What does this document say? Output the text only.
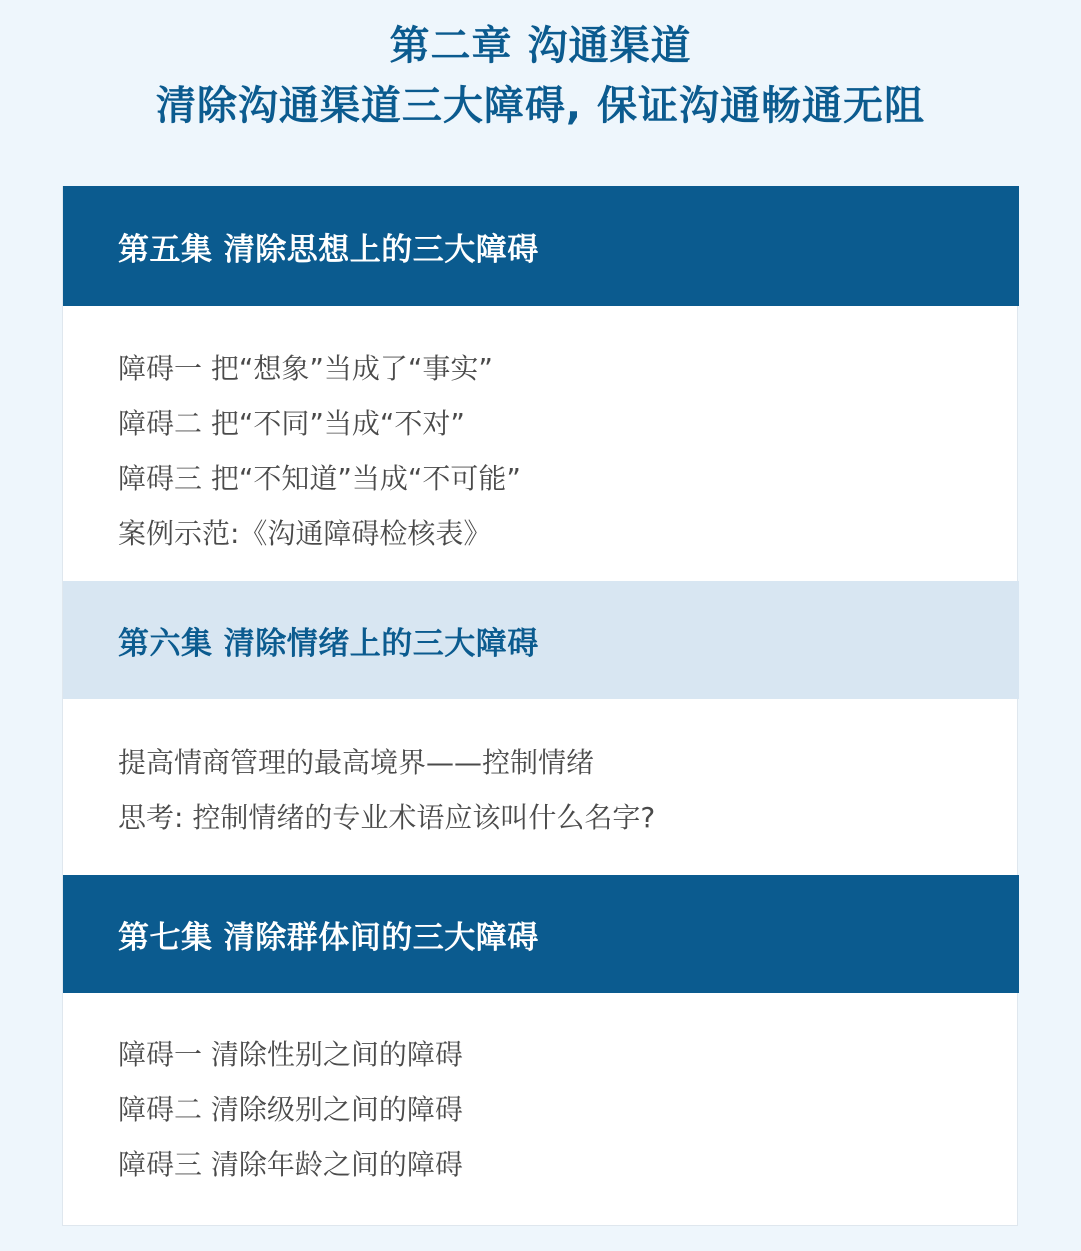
第二章 沟通渠道
清除沟通渠道三大障碍, 保证沟通畅通无阻
第五集 清除思想上的三大障碍
障碍一 把“想象”当成了“事实”
障碍二 把“不同”当成“不对”
障碍三 把“不知道”当成“不可能”
案例示范:《沟通障碍检核表》
第六集 清除情绪上的三大障碍
提高情商管理的最高境界——控制情绪
思考: 控制情绪的专业术语应该叫什么名字?
第七集 清除群体间的三大障碍
障碍一 清除性别之间的障碍
障碍二 清除级别之间的障碍
障碍三 清除年龄之间的障碍
